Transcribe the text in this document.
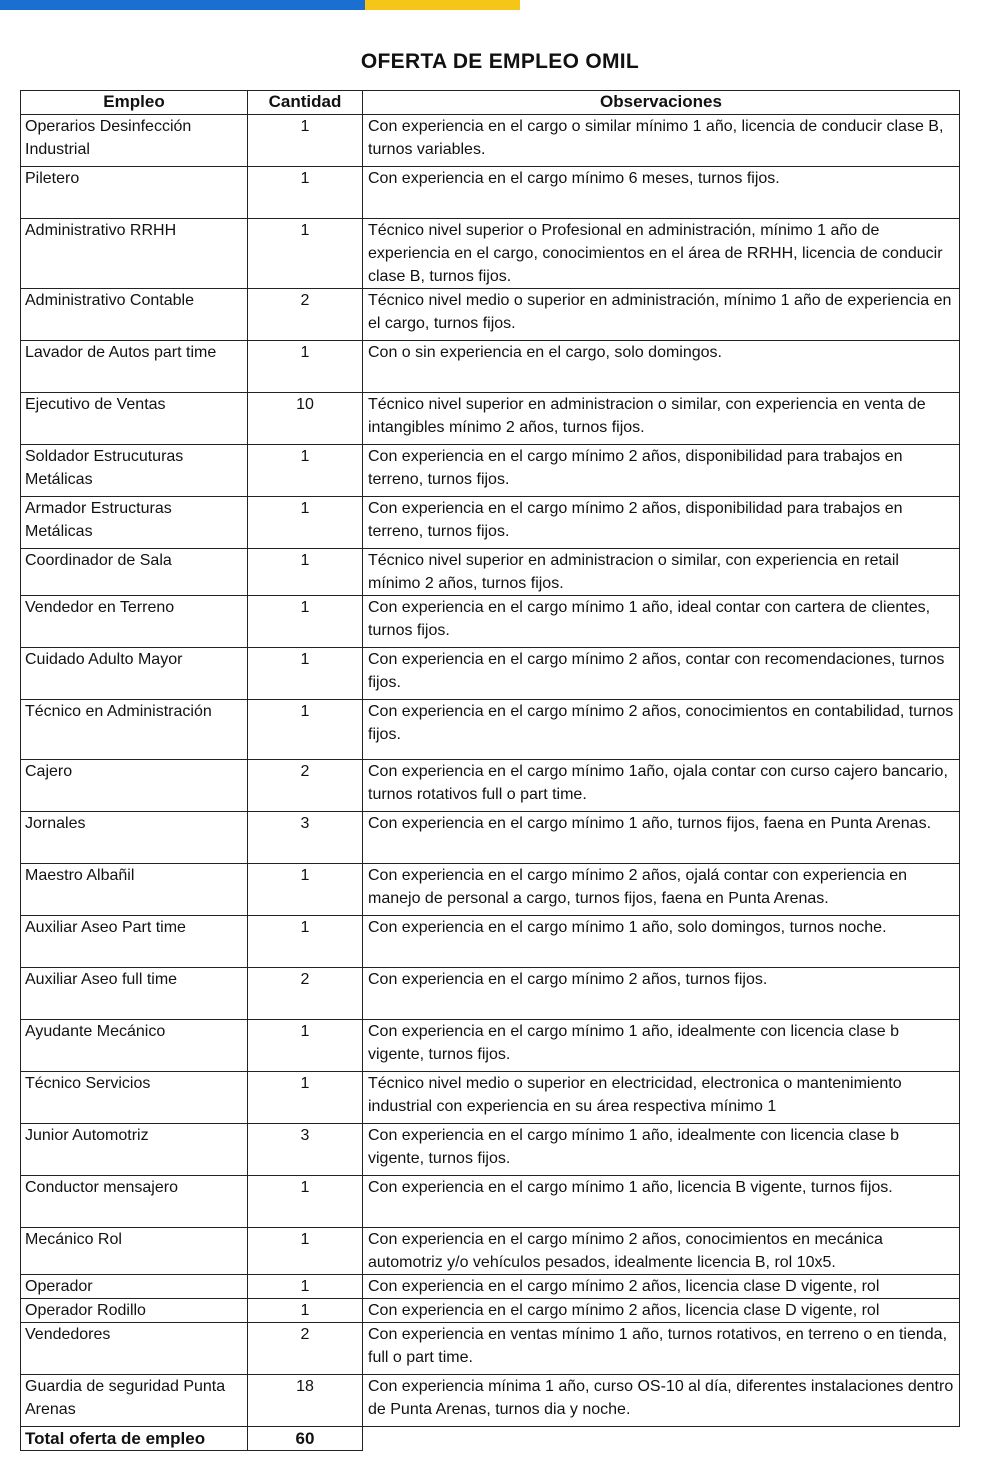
OFERTA DE EMPLEO OMIL
Empleo	Cantidad	Observaciones
Operarios Desinfección Industrial	1	Con experiencia en el cargo o similar mínimo 1 año, licencia de conducir clase B, turnos variables.
Piletero	1	Con experiencia en el cargo mínimo 6 meses, turnos fijos.
Administrativo RRHH	1	Técnico nivel superior o Profesional en administración, mínimo 1 año de experiencia en el cargo, conocimientos en el área de RRHH, licencia de conducir clase B, turnos fijos.
Administrativo Contable	2	Técnico nivel medio o superior en administración, mínimo 1 año de experiencia en el cargo, turnos fijos.
Lavador de Autos part time	1	Con o sin experiencia en el cargo, solo domingos.
Ejecutivo de Ventas	10	Técnico nivel superior en administracion o similar, con experiencia en venta de intangibles mínimo 2 años, turnos fijos.
Soldador Estrucuturas Metálicas	1	Con experiencia en el cargo mínimo 2 años, disponibilidad para trabajos en terreno, turnos fijos.
Armador Estructuras Metálicas	1	Con experiencia en el cargo mínimo 2 años, disponibilidad para trabajos en terreno, turnos fijos.
Coordinador de Sala	1	Técnico nivel superior en administracion o similar, con experiencia en retail mínimo 2 años, turnos fijos.
Vendedor en Terreno	1	Con experiencia en el cargo mínimo 1 año, ideal contar con cartera de clientes, turnos fijos.
Cuidado Adulto Mayor	1	Con experiencia en el cargo mínimo 2 años, contar con recomendaciones, turnos fijos.
Técnico en Administración	1	Con experiencia en el cargo mínimo 2 años, conocimientos en contabilidad, turnos fijos.
Cajero	2	Con experiencia en el cargo mínimo 1año, ojala contar con curso cajero bancario, turnos rotativos full o part time.
Jornales	3	Con experiencia en el cargo mínimo 1 año, turnos fijos, faena en Punta Arenas.
Maestro Albañil	1	Con experiencia en el cargo mínimo 2 años, ojalá contar con experiencia en manejo de personal a cargo, turnos fijos, faena en Punta Arenas.
Auxiliar Aseo Part time	1	Con experiencia en el cargo mínimo 1 año, solo domingos, turnos noche.
Auxiliar Aseo full time	2	Con experiencia en el cargo mínimo 2 años, turnos fijos.
Ayudante Mecánico	1	Con experiencia en el cargo mínimo 1 año, idealmente con licencia clase b vigente, turnos fijos.
Técnico Servicios	1	Técnico nivel medio o superior en electricidad, electronica o mantenimiento industrial con experiencia en su área respectiva mínimo 1
Junior Automotriz	3	Con experiencia en el cargo mínimo 1 año, idealmente con licencia clase b vigente, turnos fijos.
Conductor mensajero	1	Con experiencia en el cargo mínimo 1 año, licencia B vigente, turnos fijos.
Mecánico Rol	1	Con experiencia en el cargo mínimo 2 años, conocimientos en mecánica automotriz y/o vehículos pesados, idealmente licencia B, rol 10x5.
Operador	1	Con experiencia en el cargo mínimo 2 años, licencia clase D vigente, rol
Operador Rodillo	1	Con experiencia en el cargo mínimo 2 años, licencia clase D vigente, rol
Vendedores	2	Con experiencia en ventas mínimo 1 año, turnos rotativos, en terreno o en tienda, full o part time.
Guardia de seguridad Punta Arenas	18	Con experiencia mínima 1 año, curso OS-10 al día, diferentes instalaciones dentro de Punta Arenas, turnos dia y noche.
Total oferta de empleo	60	
